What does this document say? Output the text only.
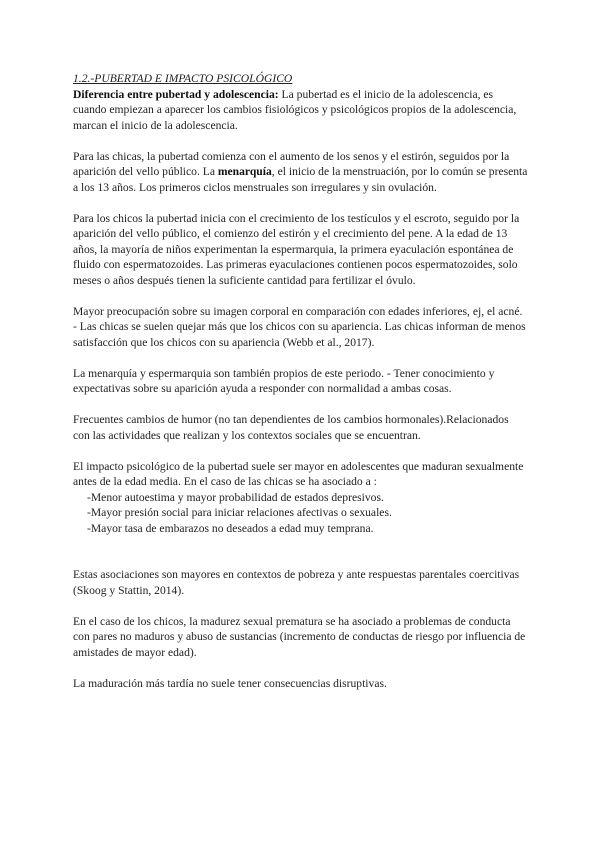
1.2.-PUBERTAD E IMPACTO PSICOLÓGICO

Diferencia entre pubertad y adolescencia: La pubertad es el inicio de la adolescencia, es cuando empiezan a aparecer los cambios fisiológicos y psicológicos propios de la adolescencia, marcan el inicio de la adolescencia.

Para las chicas, la pubertad comienza con el aumento de los senos y el estirón, seguidos por la aparición del vello público. La menarquía, el inicio de la menstruación, por lo común se presenta a los 13 años. Los primeros ciclos menstruales son irregulares y sin ovulación.

Para los chicos la pubertad inicia con el crecimiento de los testículos y el escroto, seguido por la aparición del vello público, el comienzo del estirón y el crecimiento del pene. A la edad de 13 años, la mayoría de niños experimentan la espermarquia, la primera eyaculación espontánea de fluido con espermatozoides. Las primeras eyaculaciones contienen pocos espermatozoides, solo meses o años después tienen la suficiente cantidad para fertilizar el óvulo.

Mayor preocupación sobre su imagen corporal en comparación con edades inferiores, ej, el acné. - Las chicas se suelen quejar más que los chicos con su apariencia. Las chicas informan de menos satisfacción que los chicos con su apariencia (Webb et al., 2017).

La menarquía y espermarquia son también propios de este periodo. - Tener conocimiento y expectativas sobre su aparición ayuda a responder con normalidad a ambas cosas.

Frecuentes cambios de humor (no tan dependientes de los cambios hormonales).Relacionados con las actividades que realizan y los contextos sociales que se encuentran.

El impacto psicológico de la pubertad suele ser mayor en adolescentes que maduran sexualmente antes de la edad media. En el caso de las chicas se ha asociado a :

-Menor autoestima y mayor probabilidad de estados depresivos.
-Mayor presión social para iniciar relaciones afectivas o sexuales.
-Mayor tasa de embarazos no deseados a edad muy temprana.

Estas asociaciones son mayores en contextos de pobreza y ante respuestas parentales coercitivas (Skoog y Stattin, 2014).

En el caso de los chicos, la madurez sexual prematura se ha asociado a problemas de conducta con pares no maduros y abuso de sustancias (incremento de conductas de riesgo por influencia de amistades de mayor edad).

La maduración más tardía no suele tener consecuencias disruptivas.
